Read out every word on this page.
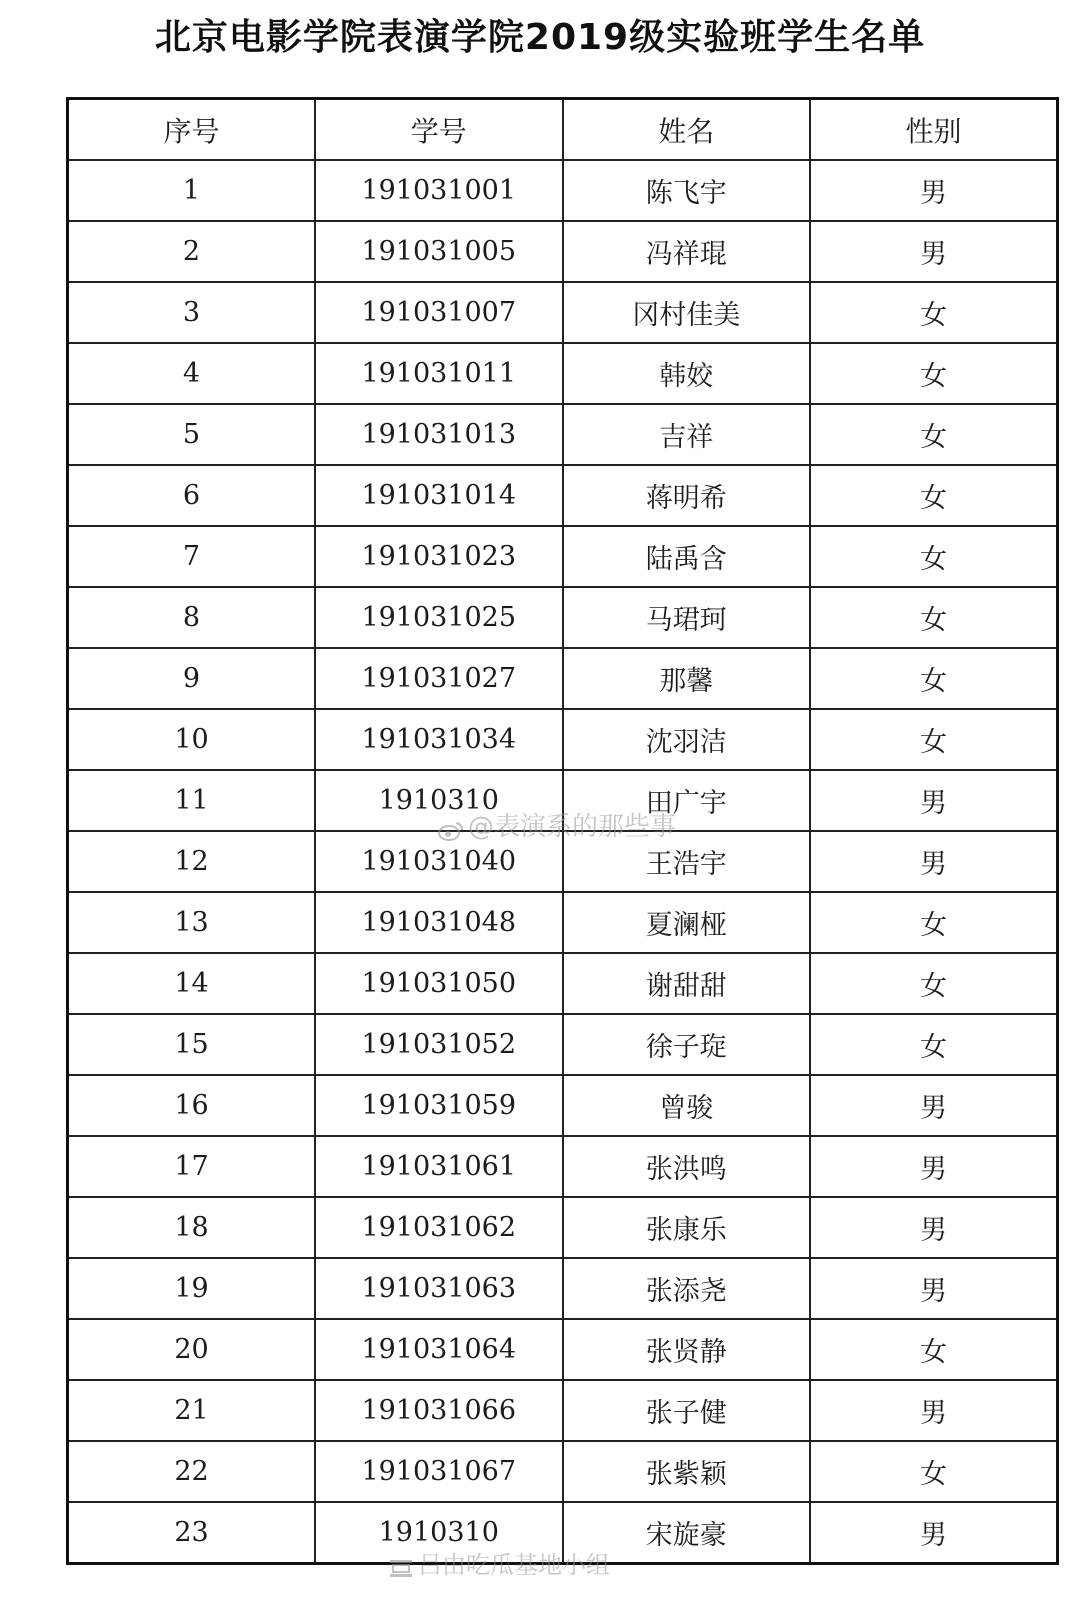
北京电影学院表演学院2019级实验班学生名单
序号	学号	姓名	性别
1	191031001	陈飞宇	男
2	191031005	冯祥琨	男
3	191031007	冈村佳美	女
4	191031011	韩姣	女
5	191031013	吉祥	女
6	191031014	蒋明希	女
7	191031023	陆禹含	女
8	191031025	马珺珂	女
9	191031027	那馨	女
10	191031034	沈羽洁	女
11	1910310	田广宇	男
12	191031040	王浩宇	男
13	191031048	夏澜桠	女
14	191031050	谢甜甜	女
15	191031052	徐子琁	女
16	191031059	曾骏	男
17	191031061	张洪鸣	男
18	191031062	张康乐	男
19	191031063	张添尧	男
20	191031064	张贤静	女
21	191031066	张子健	男
22	191031067	张紫颖	女
23	1910310	宋旋豪	男
@表演系的那些事
吕由吃瓜基地小组
